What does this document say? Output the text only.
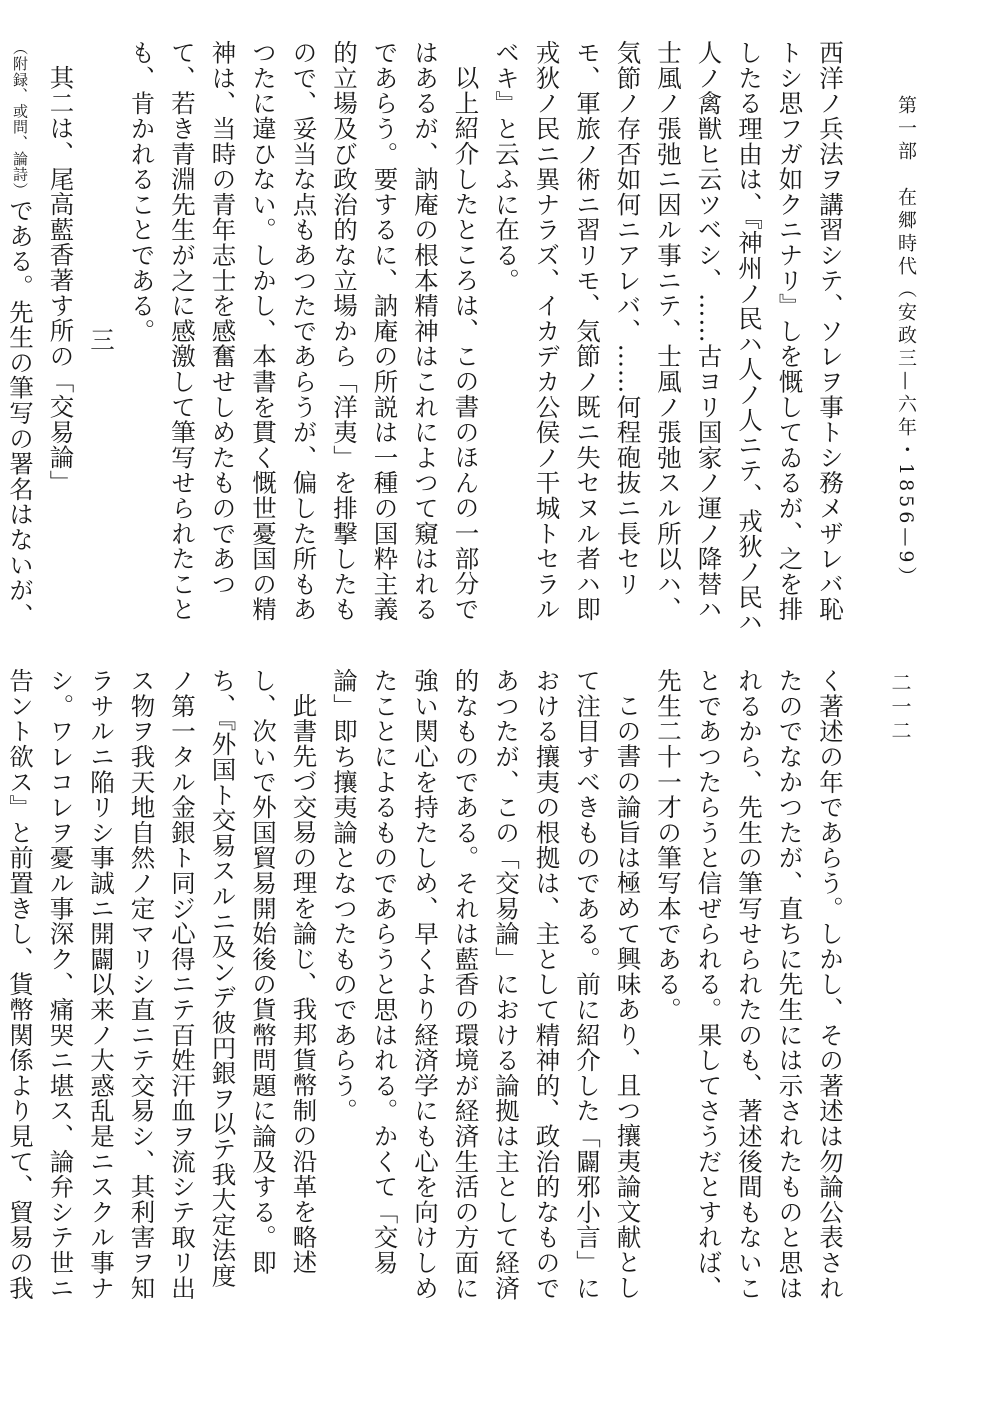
第一部　在郷時代（安政三—六年・1856—9）
二一二

西洋ノ兵法ヲ講習シテ、ソレヲ事トシ務メザレバ恥トシ思フガ如クニナリ』しを慨してゐるが、之を排したる理由は、『神州ノ民ハ人ノ人ニテ、戎狄ノ民ハ人ノ禽獣ヒ云ツベシ、……古ヨリ国家ノ運ノ降替ハ士風ノ張弛ニ因ル事ニテ、士風ノ張弛スル所以ハ、気節ノ存否如何ニアレバ、……何程砲抜ニ長セリモ、軍旅ノ術ニ習リモ、気節ノ既ニ失セヌル者ハ即戎狄ノ民ニ異ナラズ、イカデカ公侯ノ干城トセラルベキ』と云ふに在る。

以上紹介したところは、この書のほんの一部分ではあるが、訥庵の根本精神はこれによつて窺はれるであらう。要するに、訥庵の所説は一種の国粋主義的立場及び政治的な立場から「洋夷」を排撃したもので、妥当な点もあつたであらうが、偏した所もあつたに違ひない。しかし、本書を貫く慨世憂国の精神は、当時の青年志士を感奮せしめたものであつて、若き青淵先生が之に感激して筆写せられたことも、肯かれることである。

三

其二は、尾高藍香著す所の「交易論」（附録、或問、論詩）である。先生の筆写の署名はないが、

く著述の年であらう。しかし、その著述は勿論公表されたのでなかつたが、直ちに先生には示されたものと思はれるから、先生の筆写せられたのも、著述後間もないことであつたらうと信ぜられる。果してさうだとすれば、先生二十一才の筆写本である。

この書の論旨は極めて興味あり、且つ攘夷論文献として注目すべきものである。前に紹介した「闢邪小言」における攘夷の根拠は、主として精神的、政治的なものであつたが、この「交易論」における論拠は主として経済的なものである。それは藍香の環境が経済生活の方面に強い関心を持たしめ、早くより経済学にも心を向けしめたことによるものであらうと思はれる。かくて「交易論」即ち攘夷論となつたものであらう。

此書先づ交易の理を論じ、我邦貨幣制の沿革を略述し、次いで外国貿易開始後の貨幣問題に論及する。即ち、『外国ト交易スルニ及ンデ彼円銀ヲ以テ我大定法度ノ第一タル金銀ト同ジ心得ニテ百姓汗血ヲ流シテ取リ出ス物ヲ我天地自然ノ定マリシ直ニテ交易シ、其利害ヲ知ラサルニ陥リシ事誠ニ開闢以来ノ大惑乱是ニスクル事ナシ。ワレコレヲ憂ル事深ク、痛哭ニ堪ス、論弁シテ世ニ告ント欲ス』と前置きし、貨幣関係より見て、貿易の我
